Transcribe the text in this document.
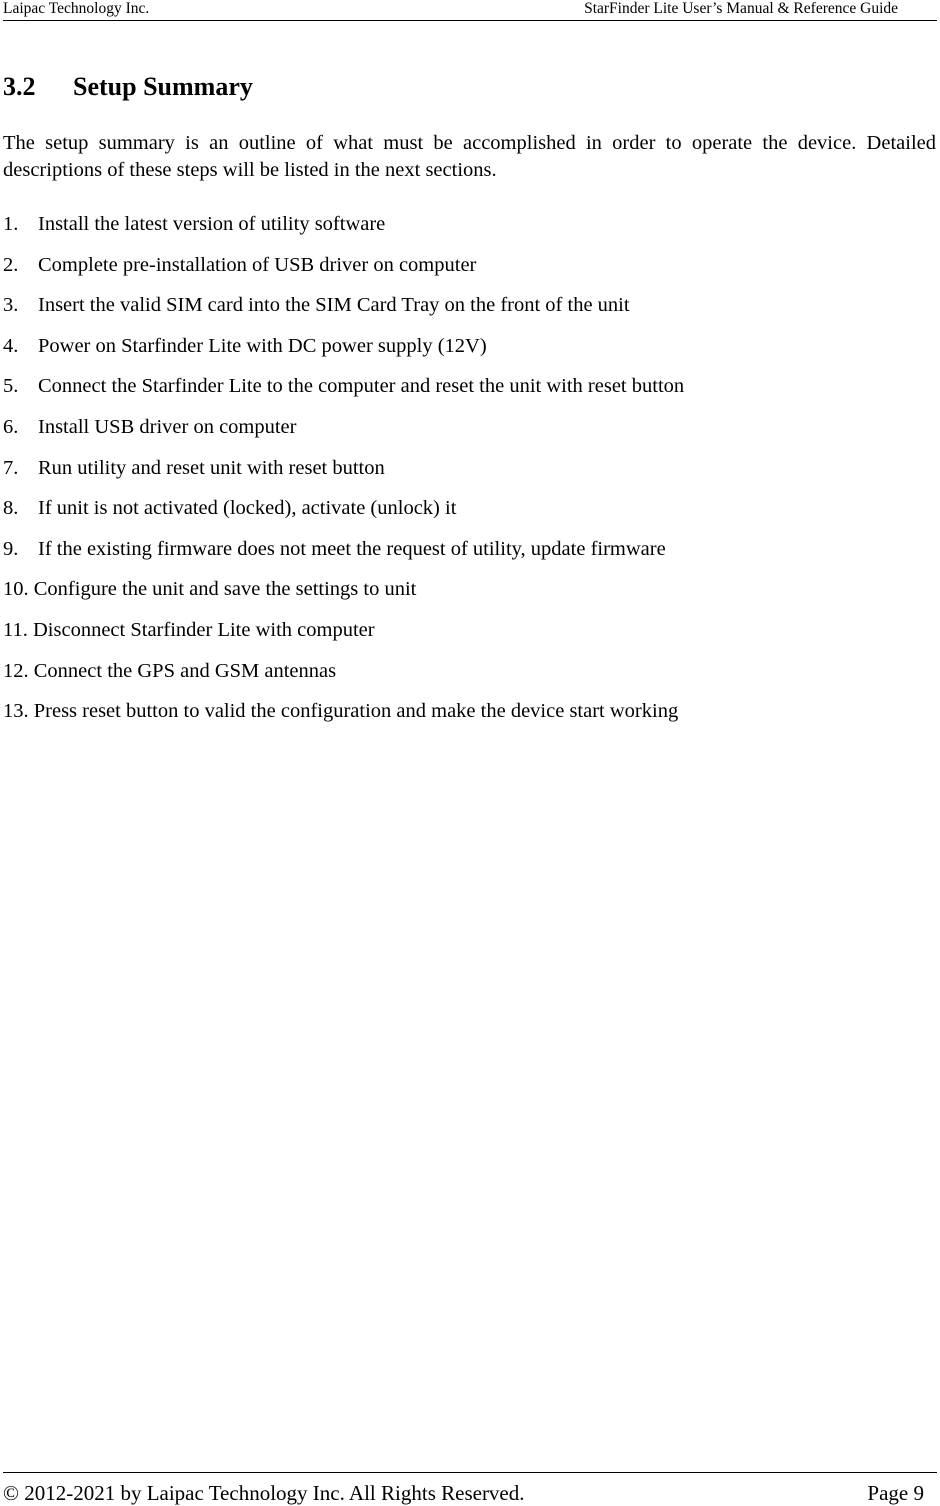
Laipac Technology Inc.	StarFinder Lite User’s Manual & Reference Guide
3.2 Setup Summary

The setup summary is an outline of what must be accomplished in order to operate the device. Detailed descriptions of these steps will be listed in the next sections.

1. Install the latest version of utility software
2. Complete pre-installation of USB driver on computer
3. Insert the valid SIM card into the SIM Card Tray on the front of the unit
4. Power on Starfinder Lite with DC power supply (12V)
5. Connect the Starfinder Lite to the computer and reset the unit with reset button
6. Install USB driver on computer
7. Run utility and reset unit with reset button
8. If unit is not activated (locked), activate (unlock) it
9. If the existing firmware does not meet the request of utility, update firmware
10. Configure the unit and save the settings to unit
11. Disconnect Starfinder Lite with computer
12. Connect the GPS and GSM antennas
13. Press reset button to valid the configuration and make the device start working
© 2012-2021 by Laipac Technology Inc. All Rights Reserved.	Page 9
